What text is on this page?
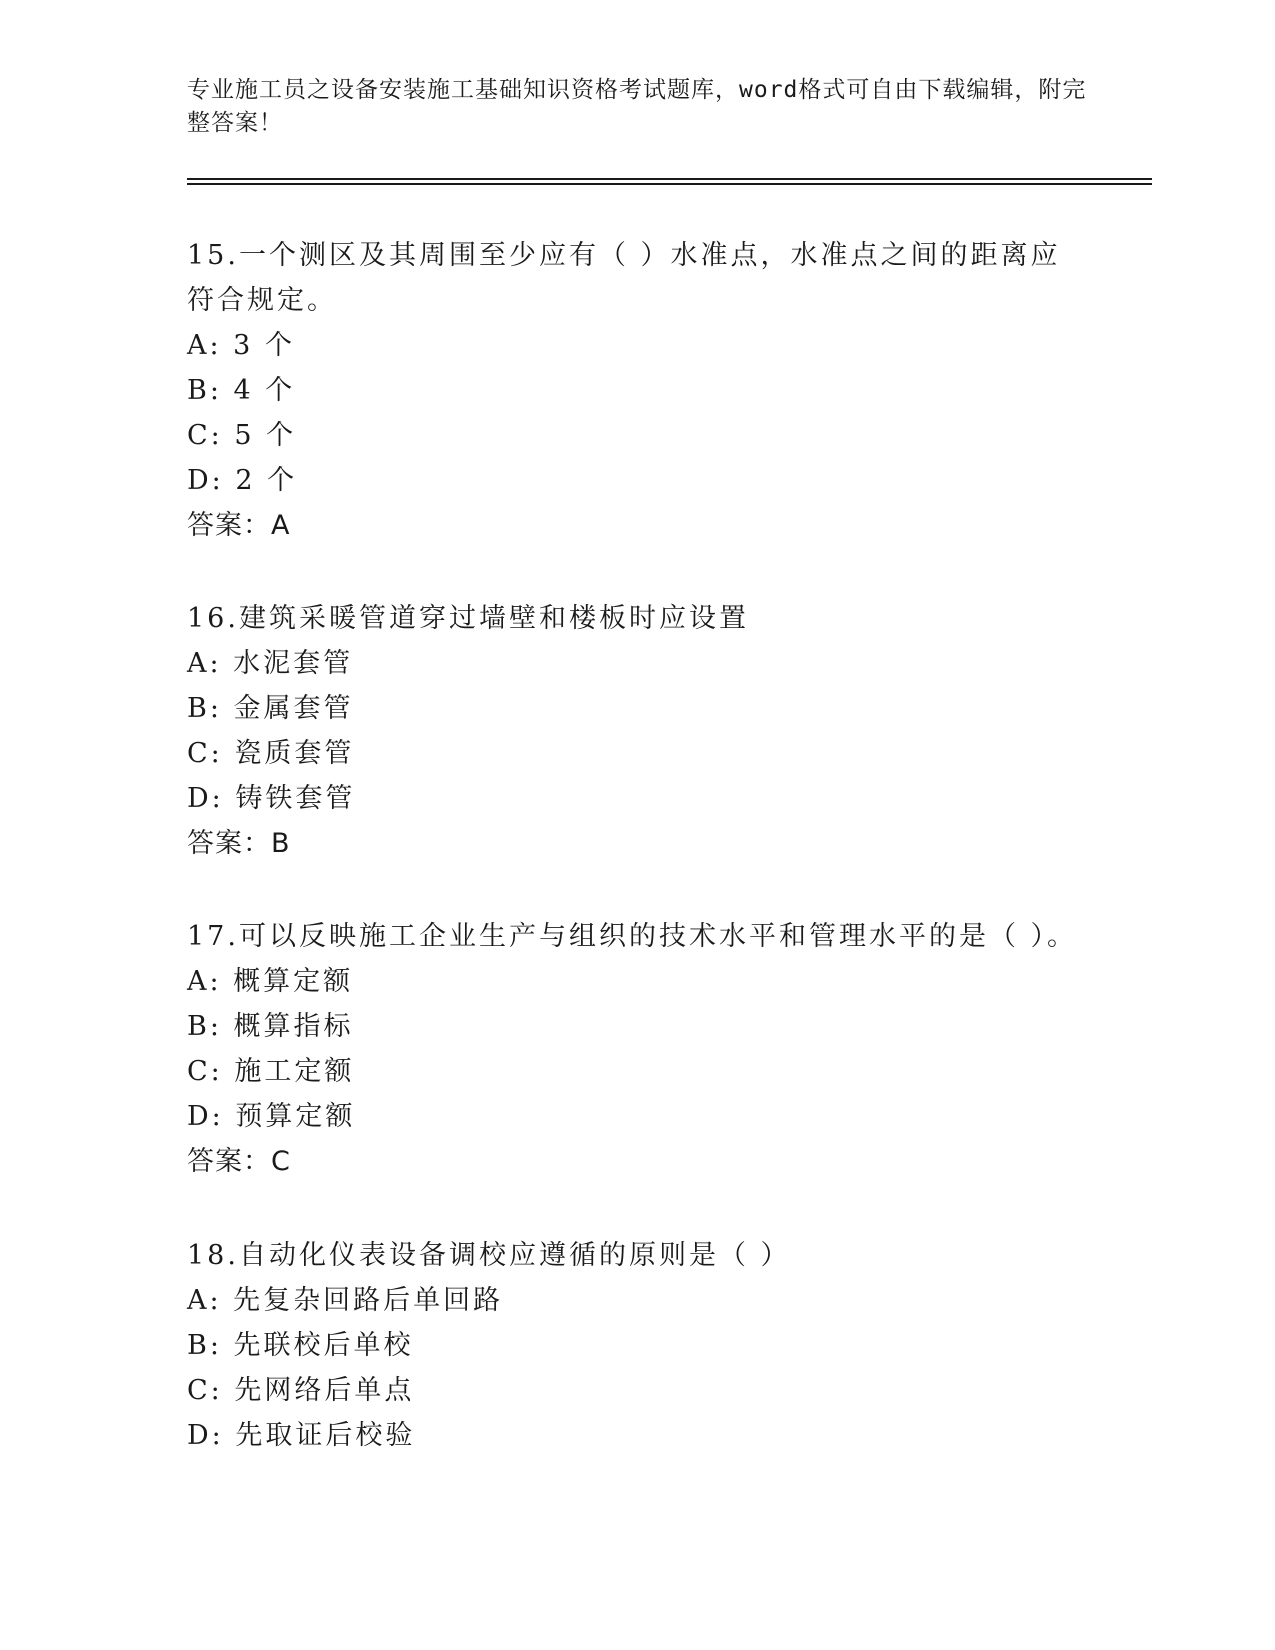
专业施工员之设备安装施工基础知识资格考试题库，word格式可自由下载编辑，附完整答案！
15.一个测区及其周围至少应有（ ）水准点，水准点之间的距离应符合规定。
A: 3 个
B: 4 个
C: 5 个
D: 2 个
答案：A
16.建筑采暖管道穿过墙壁和楼板时应设置
A: 水泥套管
B: 金属套管
C: 瓷质套管
D: 铸铁套管
答案：B
17.可以反映施工企业生产与组织的技术水平和管理水平的是（ ）。
A: 概算定额
B: 概算指标
C: 施工定额
D: 预算定额
答案：C
18.自动化仪表设备调校应遵循的原则是（ ）
A: 先复杂回路后单回路
B: 先联校后单校
C: 先网络后单点
D: 先取证后校验
